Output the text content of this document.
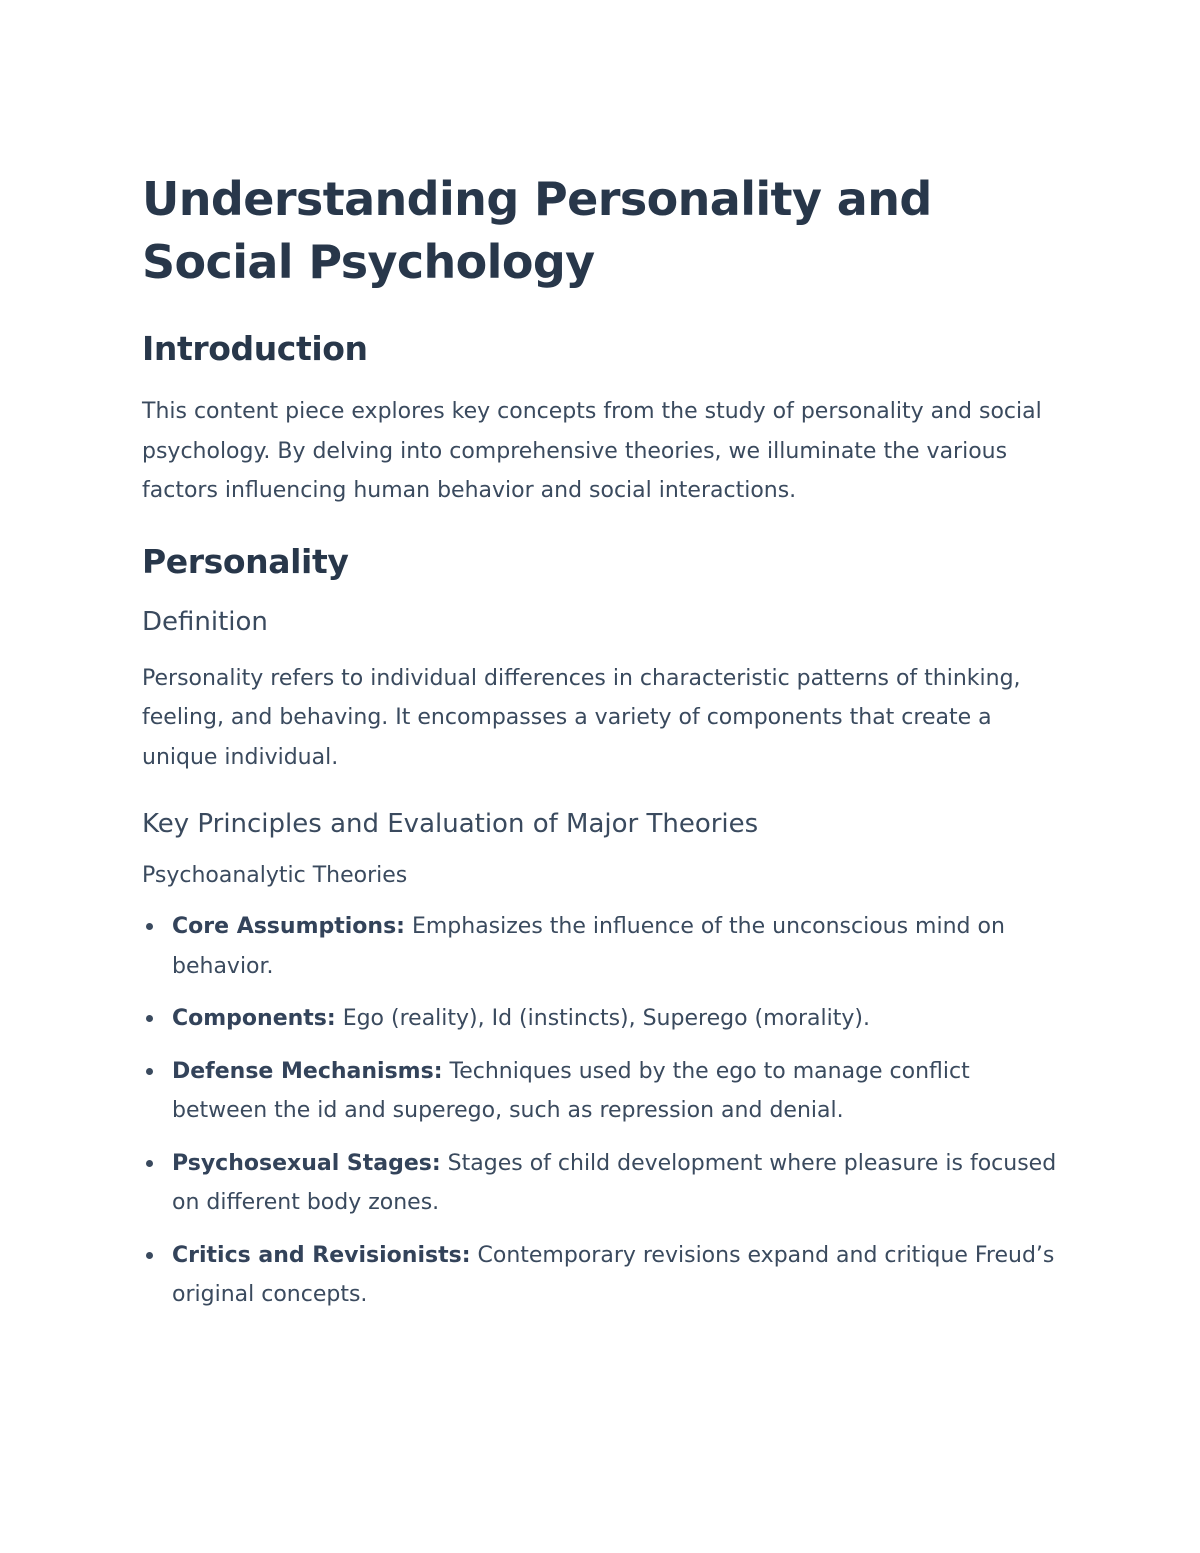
Understanding Personality and Social Psychology
Introduction

This content piece explores key concepts from the study of personality and social psychology. By delving into comprehensive theories, we illuminate the various factors influencing human behavior and social interactions.

Personality
Definition

Personality refers to individual differences in characteristic patterns of thinking, feeling, and behaving. It encompasses a variety of components that create a unique individual.

Key Principles and Evaluation of Major Theories
Psychoanalytic Theories
Core Assumptions: Emphasizes the influence of the unconscious mind on behavior.
Components: Ego (reality), Id (instincts), Superego (morality).
Defense Mechanisms: Techniques used by the ego to manage conflict between the id and superego, such as repression and denial.
Psychosexual Stages: Stages of child development where pleasure is focused on different body zones.
Critics and Revisionists: Contemporary revisions expand and critique Freud’s original concepts.
